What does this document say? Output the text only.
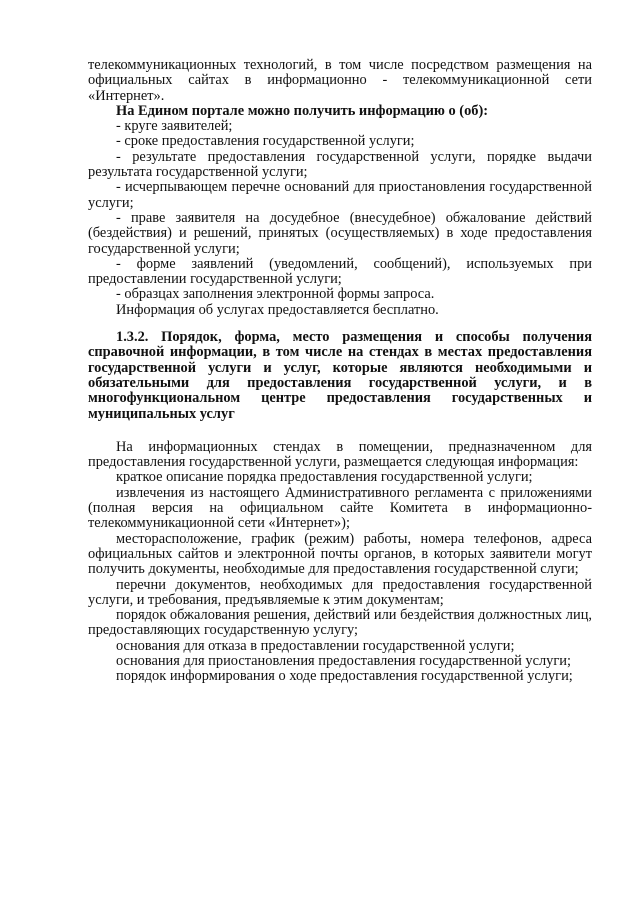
телекоммуникационных технологий, в том числе посредством размещения на официальных сайтах в информационно - телекоммуникационной сети «Интернет».

На Едином портале можно получить информацию о (об):

- круге заявителей;

- сроке предоставления государственной услуги;

- результате предоставления государственной услуги, порядке выдачи результата государственной услуги;

- исчерпывающем перечне оснований для приостановления государственной услуги;

- праве заявителя на досудебное (внесудебное) обжалование действий (бездействия) и решений, принятых (осуществляемых) в ходе предоставления государственной услуги;

- форме заявлений (уведомлений, сообщений), используемых при предоставлении государственной услуги;

- образцах заполнения электронной формы запроса.

Информация об услугах предоставляется бесплатно.

1.3.2. Порядок, форма, место размещения и способы получения справочной информации, в том числе на стендах в местах предоставления государственной услуги и услуг, которые являются необходимыми и обязательными для предоставления государственной услуги, и в многофункциональном центре предоставления государственных и муниципальных услуг

На информационных стендах в помещении, предназначенном для предоставления государственной услуги, размещается следующая информация:

краткое описание порядка предоставления государственной услуги;

извлечения из настоящего Административного регламента с приложениями (полная версия на официальном сайте Комитета в информационно-телекоммуникационной сети «Интернет»);

месторасположение, график (режим) работы, номера телефонов, адреса официальных сайтов и электронной почты органов, в которых заявители могут получить документы, необходимые для предоставления государственной слуги;

перечни документов, необходимых для предоставления государственной услуги, и требования, предъявляемые к этим документам;

порядок обжалования решения, действий или бездействия должностных лиц, предоставляющих государственную услугу;

основания для отказа в предоставлении государственной услуги;

основания для приостановления предоставления государственной услуги;

порядок информирования о ходе предоставления государственной услуги;
